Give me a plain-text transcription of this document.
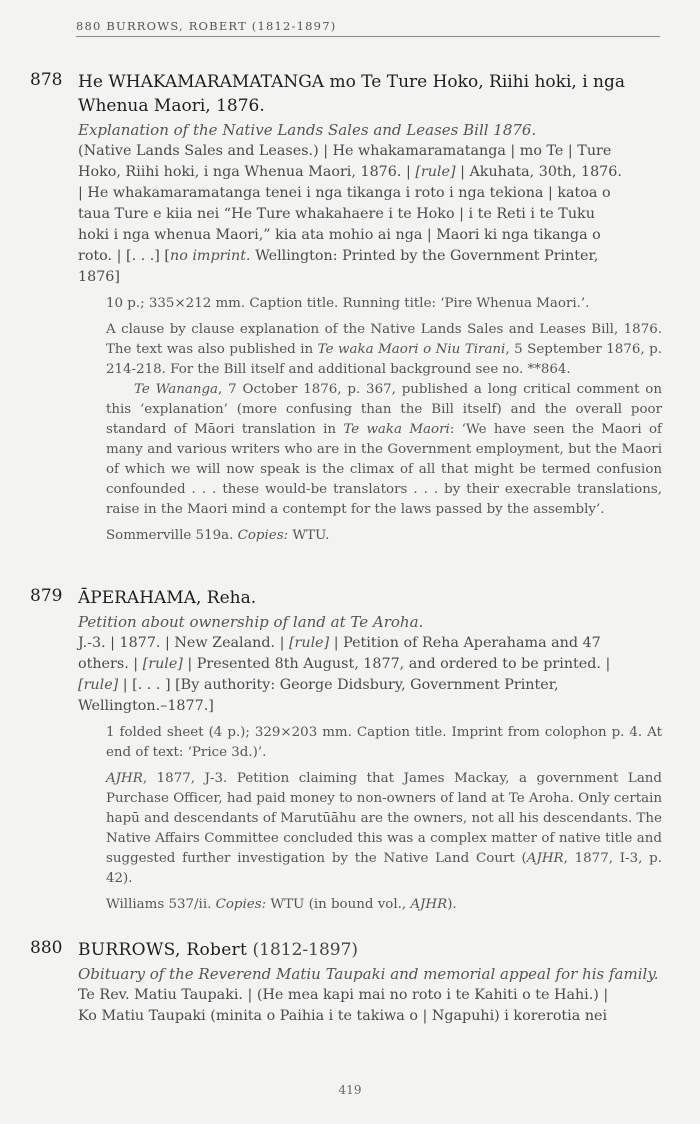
880 BURROWS, ROBERT (1812-1897)
878 He WHAKAMARAMATANGA mo Te Ture Hoko, Riihi hoki, i nga
Whenua Maori, 1876.

Explanation of the Native Lands Sales and Leases Bill 1876.

(Native Lands Sales and Leases.) | He whakamaramatanga | mo Te | Ture
Hoko, Riihi hoki, i nga Whenua Maori, 1876. | [rule] | Akuhata, 30th, 1876.
| He whakamaramatanga tenei i nga tikanga i roto i nga tekiona | katoa o
taua Ture e kiia nei “He Ture whakahaere i te Hoko | i te Reti i te Tuku
hoki i nga whenua Maori,” kia ata mohio ai nga | Maori ki nga tikanga o
roto. | [. . .] [no imprint. Wellington: Printed by the Government Printer,
1876]

10 p.; 335×212 mm. Caption title. Running title: ‘Pire Whenua Maori.’.

A clause by clause explanation of the Native Lands Sales and Leases Bill, 1876. The text was also published in Te waka Maori o Niu Tirani, 5 September 1876, p. 214-218. For the Bill itself and additional background see no. **864.

Te Wananga, 7 October 1876, p. 367, published a long critical comment on this ‘explanation’ (more confusing than the Bill itself) and the overall poor standard of Māori translation in Te waka Maori: ‘We have seen the Maori of many and various writers who are in the Government employment, but the Maori of which we will now speak is the climax of all that might be termed confusion confounded . . . these would-be translators . . . by their execrable translations, raise in the Maori mind a contempt for the laws passed by the assembly’.

Sommerville 519a. Copies: WTU.

879 ĀPERAHAMA, Reha.

Petition about ownership of land at Te Aroha.

J.-3. | 1877. | New Zealand. | [rule] | Petition of Reha Aperahama and 47
others. | [rule] | Presented 8th August, 1877, and ordered to be printed. |
[rule] | [. . . ] [By authority: George Didsbury, Government Printer,
Wellington.–1877.]

1 folded sheet (4 p.); 329×203 mm. Caption title. Imprint from colophon p. 4. At end of text: ‘Price 3d.)’.

AJHR, 1877, J-3. Petition claiming that James Mackay, a government Land Purchase Officer, had paid money to non-owners of land at Te Aroha. Only certain hapū and descendants of Marutūāhu are the owners, not all his descendants. The Native Affairs Committee concluded this was a complex matter of native title and suggested further investigation by the Native Land Court (AJHR, 1877, I-3, p. 42).

Williams 537/ii. Copies: WTU (in bound vol., AJHR).

880 BURROWS, Robert (1812-1897)

Obituary of the Reverend Matiu Taupaki and memorial appeal for his family.

Te Rev. Matiu Taupaki. | (He mea kapi mai no roto i te Kahiti o te Hahi.) |
Ko Matiu Taupaki (minita o Paihia i te takiwa o | Ngapuhi) i korerotia nei

419
